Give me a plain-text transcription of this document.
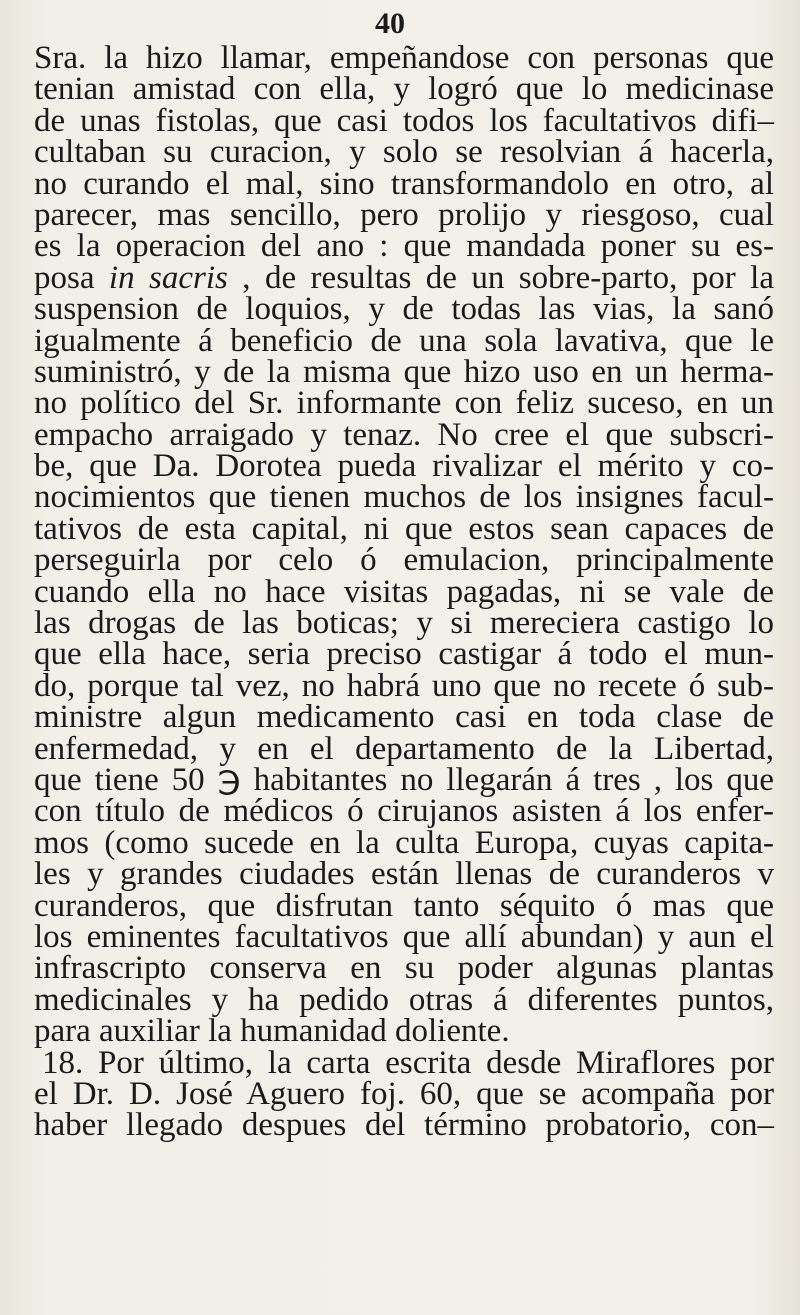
40
Sra. la hizo llamar, empeñandose con personas que
tenian amistad con ella, y logró que lo medicinase
de unas fistolas, que casi todos los facultativos difi–
cultaban su curacion, y solo se resolvian á hacerla,
no curando el mal, sino transformandolo en otro, al
parecer, mas sencillo, pero prolijo y riesgoso, cual
es la operacion del ano : que mandada poner su es-
posa in sacris , de resultas de un sobre-parto, por la
suspension de loquios, y de todas las vias, la sanó
igualmente á beneficio de una sola lavativa, que le
suministró, y de la misma que hizo uso en un herma-
no político del Sr. informante con feliz suceso, en un
empacho arraigado y tenaz. No cree el que subscri-
be, que Da. Dorotea pueda rivalizar el mérito y co-
nocimientos que tienen muchos de los insignes facul-
tativos de esta capital, ni que estos sean capaces de
perseguirla por celo ó emulacion, principalmente
cuando ella no hace visitas pagadas, ni se vale de
las drogas de las boticas; y si mereciera castigo lo
que ella hace, seria preciso castigar á todo el mun-
do, porque tal vez, no habrá uno que no recete ó sub-
ministre algun medicamento casi en toda clase de
enfermedad, y en el departamento de la Libertad,
que tiene 50 ℈ habitantes no llegarán á tres , los que
con título de médicos ó cirujanos asisten á los enfer-
mos (como sucede en la culta Europa, cuyas capita-
les y grandes ciudades están llenas de curanderos v
curanderos, que disfrutan tanto séquito ó mas que
los eminentes facultativos que allí abundan) y aun el
infrascripto conserva en su poder algunas plantas
medicinales y ha pedido otras á diferentes puntos,
para auxiliar la humanidad doliente.
18. Por último, la carta escrita desde Miraflores por
el Dr. D. José Aguero foj. 60, que se acompaña por
haber llegado despues del término probatorio, con–
